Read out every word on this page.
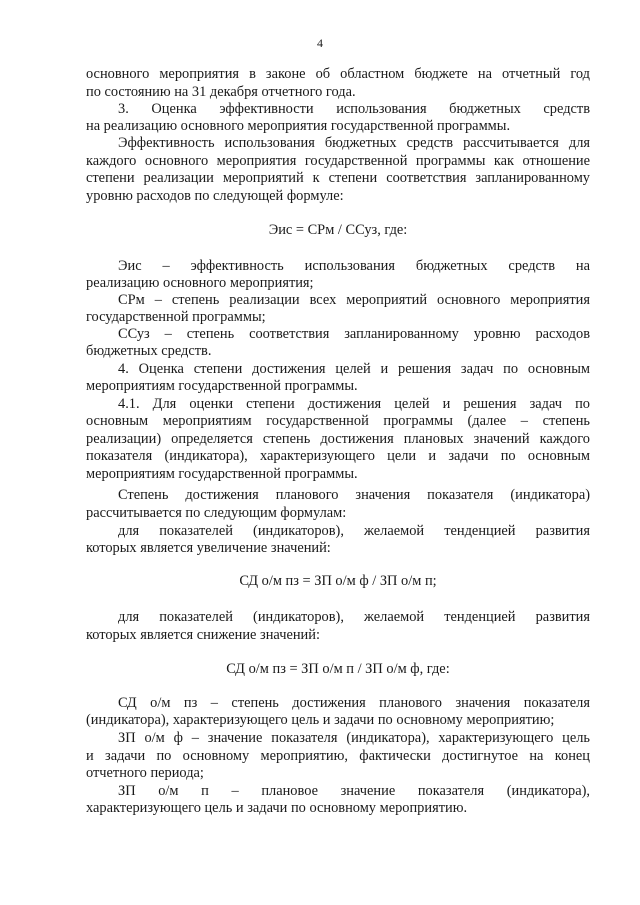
4
основного мероприятия в законе об областном бюджете на отчетный год
по состоянию на 31 декабря отчетного года.
3. Оценка эффективности использования бюджетных средств
на реализацию основного мероприятия государственной программы.
Эффективность использования бюджетных средств рассчитывается для
каждого основного мероприятия государственной программы как отношение
степени реализации мероприятий к степени соответствия запланированному
уровню расходов по следующей формуле:
Эис = СРм / ССуз, где:
Эис – эффективность использования бюджетных средств на
реализацию основного мероприятия;
СРм – степень реализации всех мероприятий основного мероприятия
государственной программы;
ССуз – степень соответствия запланированному уровню расходов
бюджетных средств.
4. Оценка степени достижения целей и решения задач по основным
мероприятиям государственной программы.
4.1. Для оценки степени достижения целей и решения задач по
основным мероприятиям государственной программы (далее – степень
реализации) определяется степень достижения плановых значений каждого
показателя (индикатора), характеризующего цели и задачи по основным
мероприятиям государственной программы.
Степень достижения планового значения показателя (индикатора)
рассчитывается по следующим формулам:
для показателей (индикаторов), желаемой тенденцией развития
которых является увеличение значений:
СД о/м пз = ЗП о/м ф / ЗП о/м п;
для показателей (индикаторов), желаемой тенденцией развития
которых является снижение значений:
СД о/м пз = ЗП о/м п / ЗП о/м ф, где:
СД о/м пз – степень достижения планового значения показателя
(индикатора), характеризующего цель и задачи по основному мероприятию;
ЗП о/м ф – значение показателя (индикатора), характеризующего цель
и задачи по основному мероприятию, фактически достигнутое на конец
отчетного периода;
ЗП о/м п – плановое значение показателя (индикатора),
характеризующего цель и задачи по основному мероприятию.
